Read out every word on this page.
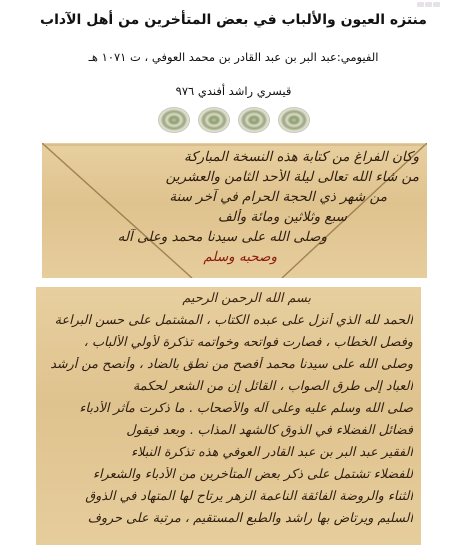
منتزه العيون والألباب في بعض المتأخرين من أهل الآداب
الفيومي:عبد البر بن عبد القادر بن محمد العوفي ، ت ١٠٧١ هـ
قيسري راشد أفندي ٩٧٦
وكان الفراغ من كتابة هذه النسخة المباركة
من شاء الله تعالى ليلة الأحد الثامن والعشرين
من شهر ذي الحجة الحرام في آخر سنة
سبع وثلاثين ومائة وألف
وصلى الله على سيدنا محمد وعلى آله
وصحبه وسلم
بسم الله الرحمن الرحيم
الحمد لله الذي أنزل على عبده الكتاب ، المشتمل على حسن البراعة
وفصل الخطاب ، فصارت فواتحه وخواتمه تذكرة لأولي الألباب ،
وصلى الله على سيدنا محمد أفصح من نطق بالضاد ، وأنصح من أرشد
العباد إلى طرق الصواب ، القائل إن من الشعر لحكمة
صلى الله وسلم عليه وعلى آله والأصحاب . ما ذكرت مآثر الأدباء
فضائل الفضلاء في الذوق كالشهد المذاب . وبعد فيقول
الفقير عبد البر بن عبد القادر العوفي هذه تذكرة النبلاء
للفضلاء تشتمل على ذكر بعض المتأخرين من الأدباء والشعراء
الثناء والروضة الفائقة الناعمة الزهر يرتاح لها المتهاد في الذوق
السليم ويرتاض بها راشد والطبع المستقيم ، مرتبة على حروف
